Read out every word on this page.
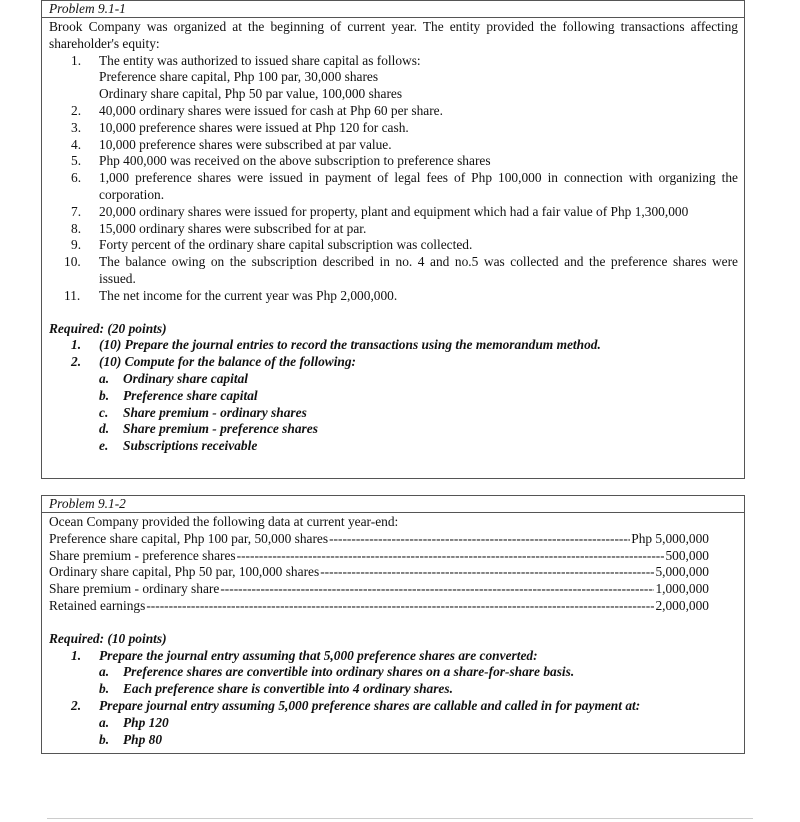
Problem 9.1-1
Brook Company was organized at the beginning of current year. The entity provided the following transactions affecting shareholder's equity:
1. The entity was authorized to issued share capital as follows:
Preference share capital, Php 100 par, 30,000 shares
Ordinary share capital, Php 50 par value, 100,000 shares
2. 40,000 ordinary shares were issued for cash at Php 60 per share.
3. 10,000 preference shares were issued at Php 120 for cash.
4. 10,000 preference shares were subscribed at par value.
5. Php 400,000 was received on the above subscription to preference shares
6. 1,000 preference shares were issued in payment of legal fees of Php 100,000 in connection with organizing the corporation.
7. 20,000 ordinary shares were issued for property, plant and equipment which had a fair value of Php 1,300,000
8. 15,000 ordinary shares were subscribed for at par.
9. Forty percent of the ordinary share capital subscription was collected.
10. The balance owing on the subscription described in no. 4 and no.5 was collected and the preference shares were issued.
11. The net income for the current year was Php 2,000,000.
Required: (20 points)
1. (10) Prepare the journal entries to record the transactions using the memorandum method.
2. (10) Compute for the balance of the following:
a. Ordinary share capital
b. Preference share capital
c. Share premium - ordinary shares
d. Share premium - preference shares
e. Subscriptions receivable
Problem 9.1-2
Ocean Company provided the following data at current year-end:
Preference share capital, Php 100 par, 50,000 shares -----	Php 5,000,000
Share premium - preference shares -----	500,000
Ordinary share capital, Php 50 par, 100,000 shares -----	5,000,000
Share premium - ordinary share -----	1,000,000
Retained earnings -----	2,000,000
Required: (10 points)
1. Prepare the journal entry assuming that 5,000 preference shares are converted:
a. Preference shares are convertible into ordinary shares on a share-for-share basis.
b. Each preference share is convertible into 4 ordinary shares.
2. Prepare journal entry assuming 5,000 preference shares are callable and called in for payment at:
a. Php 120
b. Php 80
